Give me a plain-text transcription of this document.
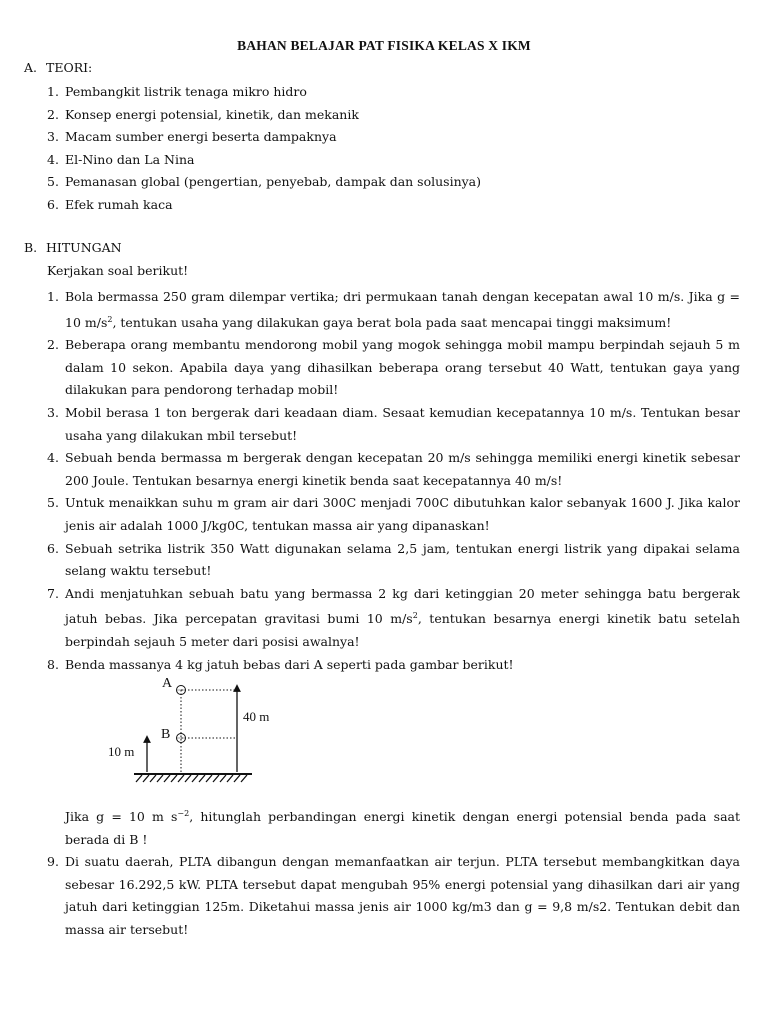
BAHAN BELAJAR PAT FISIKA KELAS X IKM
A. TEORI:
1. Pembangkit listrik tenaga mikro hidro
2. Konsep energi potensial, kinetik, dan mekanik
3. Macam sumber energi beserta dampaknya
4. El-Nino dan La Nina
5. Pemanasan global (pengertian, penyebab, dampak dan solusinya)
6. Efek rumah kaca
B. HITUNGAN
Kerjakan soal berikut!
1. Bola bermassa 250 gram dilempar vertika; dri permukaan tanah dengan kecepatan awal 10 m/s. Jika g = 10 $m/s^2$, tentukan usaha yang dilakukan gaya berat bola pada saat mencapai tinggi maksimum!
2. Beberapa orang membantu mendorong mobil yang mogok sehingga mobil mampu berpindah sejauh 5 m dalam 10 sekon. Apabila daya yang dihasilkan beberapa orang tersebut 40 Watt, tentukan gaya yang dilakukan para pendorong terhadap mobil!
3. Mobil berasa 1 ton bergerak dari keadaan diam. Sesaat kemudian kecepatannya 10 m/s. Tentukan besar usaha yang dilakukan mbil tersebut!
4. Sebuah benda bermassa m bergerak dengan kecepatan 20 m/s sehingga memiliki energi kinetik sebesar 200 Joule. Tentukan besarnya energi kinetik benda saat kecepatannya 40 m/s!
5. Untuk menaikkan suhu m gram air dari 300C menjadi 700C dibutuhkan kalor sebanyak 1600 J. Jika kalor jenis air adalah 1000 J/kg0C, tentukan massa air yang dipanaskan!
6. Sebuah setrika listrik 350 Watt digunakan selama 2,5 jam, tentukan energi listrik yang dipakai selama selang waktu tersebut!
7. Andi menjatuhkan sebuah batu yang bermassa 2 kg dari ketinggian 20 meter sehingga batu bergerak jatuh bebas. Jika percepatan gravitasi bumi 10 $m/s^2$, tentukan besarnya energi kinetik batu setelah berpindah sejauh 5 meter dari posisi awalnya!
8. Benda massanya 4 kg jatuh bebas dari A seperti pada gambar berikut!
A
B
40 m
10 m
Jika g = 10 m $s^{-2}$, hitunglah perbandingan energi kinetik dengan energi potensial benda pada saat berada di B !
9. Di suatu daerah, PLTA dibangun dengan memanfaatkan air terjun. PLTA tersebut membangkitkan daya sebesar 16.292,5 kW. PLTA tersebut dapat mengubah 95% energi potensial yang dihasilkan dari air yang jatuh dari ketinggian 125m. Diketahui massa jenis air 1000 kg/m3 dan g = 9,8 m/s2. Tentukan debit dan massa air tersebut!
